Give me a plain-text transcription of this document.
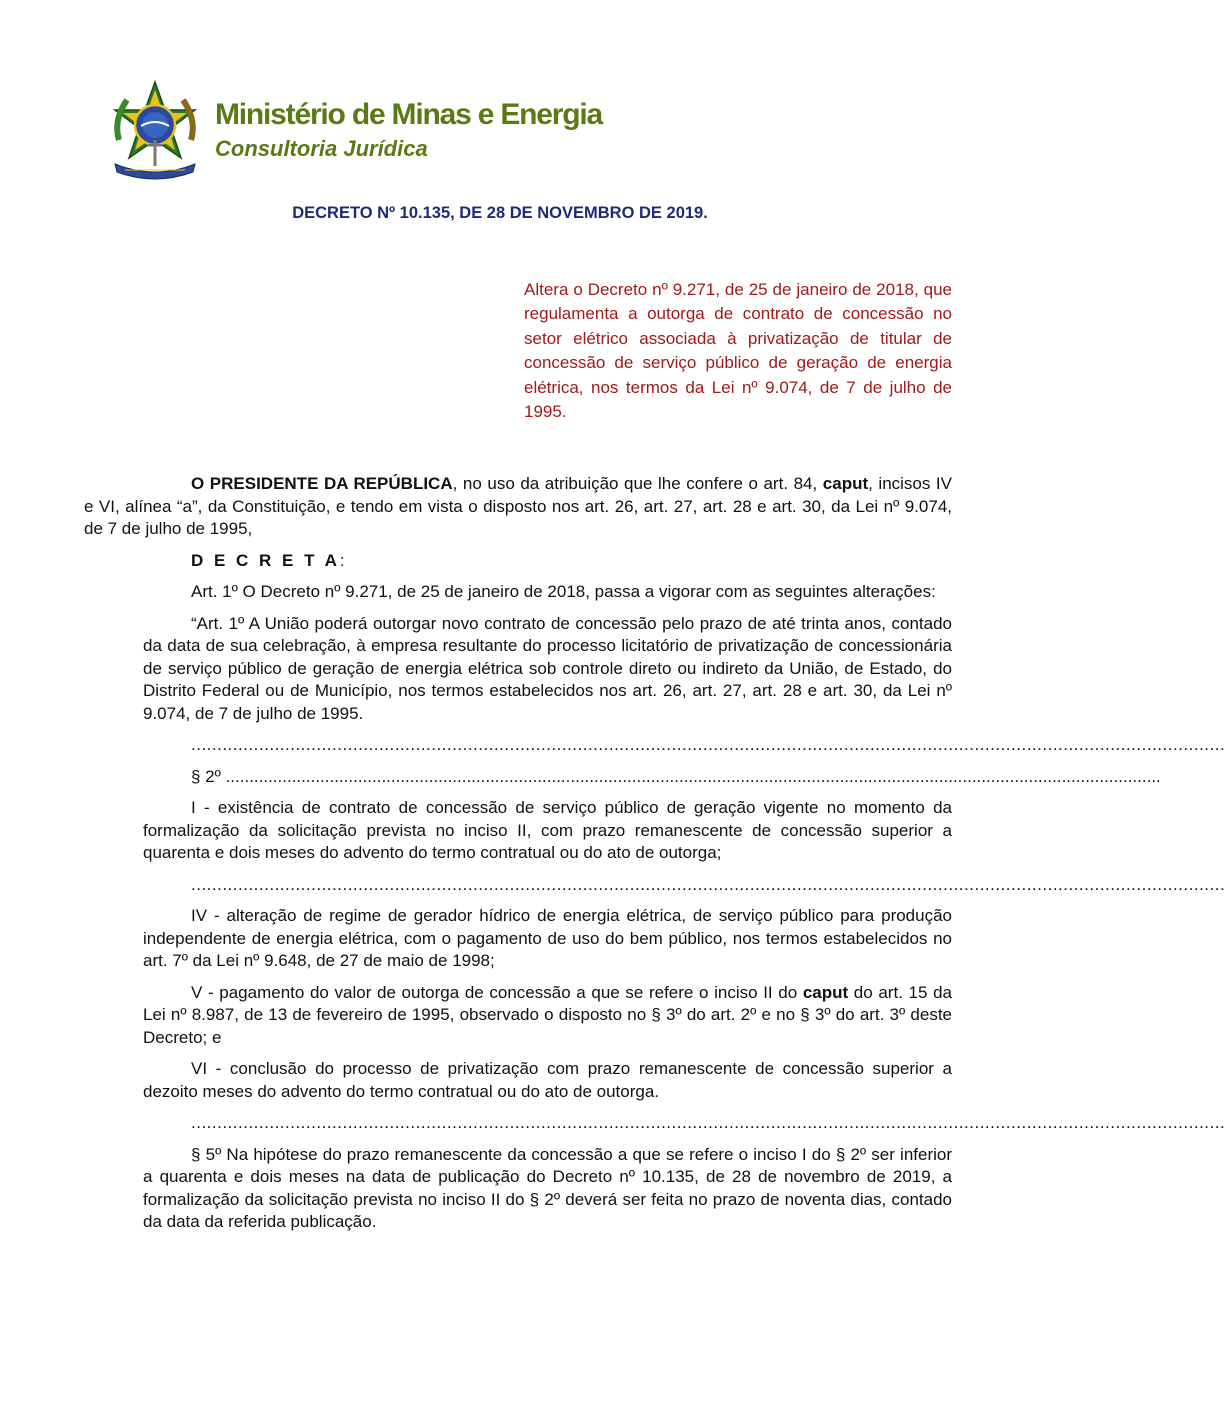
Ministério de Minas e Energia
Consultoria Jurídica
DECRETO Nº 10.135, DE 28 DE NOVEMBRO DE 2019.
Altera o Decreto nº 9.271, de 25 de janeiro de 2018, que regulamenta a outorga de contrato de concessão no setor elétrico associada à privatização de titular de concessão de serviço público de geração de energia elétrica, nos termos da Lei nº 9.074, de 7 de julho de 1995.

O PRESIDENTE DA REPÚBLICA, no uso da atribuição que lhe confere o art. 84, caput, incisos IV e VI, alínea “a”, da Constituição, e tendo em vista o disposto nos art. 26, art. 27, art. 28 e art. 30, da Lei nº 9.074, de 7 de julho de 1995,

D E C R E T A:

Art. 1º O Decreto nº 9.271, de 25 de janeiro de 2018, passa a vigorar com as seguintes alterações:

“Art. 1º A União poderá outorgar novo contrato de concessão pelo prazo de até trinta anos, contado da data de sua celebração, à empresa resultante do processo licitatório de privatização de concessionária de serviço público de geração de energia elétrica sob controle direto ou indireto da União, de Estado, do Distrito Federal ou de Município, nos termos estabelecidos nos art. 26, art. 27, art. 28 e art. 30, da Lei nº 9.074, de 7 de julho de 1995.

......................................................................................................................................................................................................

§ 2º ......................................................................................................................................................................................................

I - existência de contrato de concessão de serviço público de geração vigente no momento da formalização da solicitação prevista no inciso II, com prazo remanescente de concessão superior a quarenta e dois meses do advento do termo contratual ou do ato de outorga;

......................................................................................................................................................................................................

IV - alteração de regime de gerador hídrico de energia elétrica, de serviço público para produção independente de energia elétrica, com o pagamento de uso do bem público, nos termos estabelecidos no art. 7º da Lei nº 9.648, de 27 de maio de 1998;

V - pagamento do valor de outorga de concessão a que se refere o inciso II do caput do art. 15 da Lei nº 8.987, de 13 de fevereiro de 1995, observado o disposto no § 3º do art. 2º e no § 3º do art. 3º deste Decreto; e

VI - conclusão do processo de privatização com prazo remanescente de concessão superior a dezoito meses do advento do termo contratual ou do ato de outorga.

......................................................................................................................................................................................................

§ 5º Na hipótese do prazo remanescente da concessão a que se refere o inciso I do § 2º ser inferior a quarenta e dois meses na data de publicação do Decreto nº 10.135, de 28 de novembro de 2019, a formalização da solicitação prevista no inciso II do § 2º deverá ser feita no prazo de noventa dias, contado da data da referida publicação.
